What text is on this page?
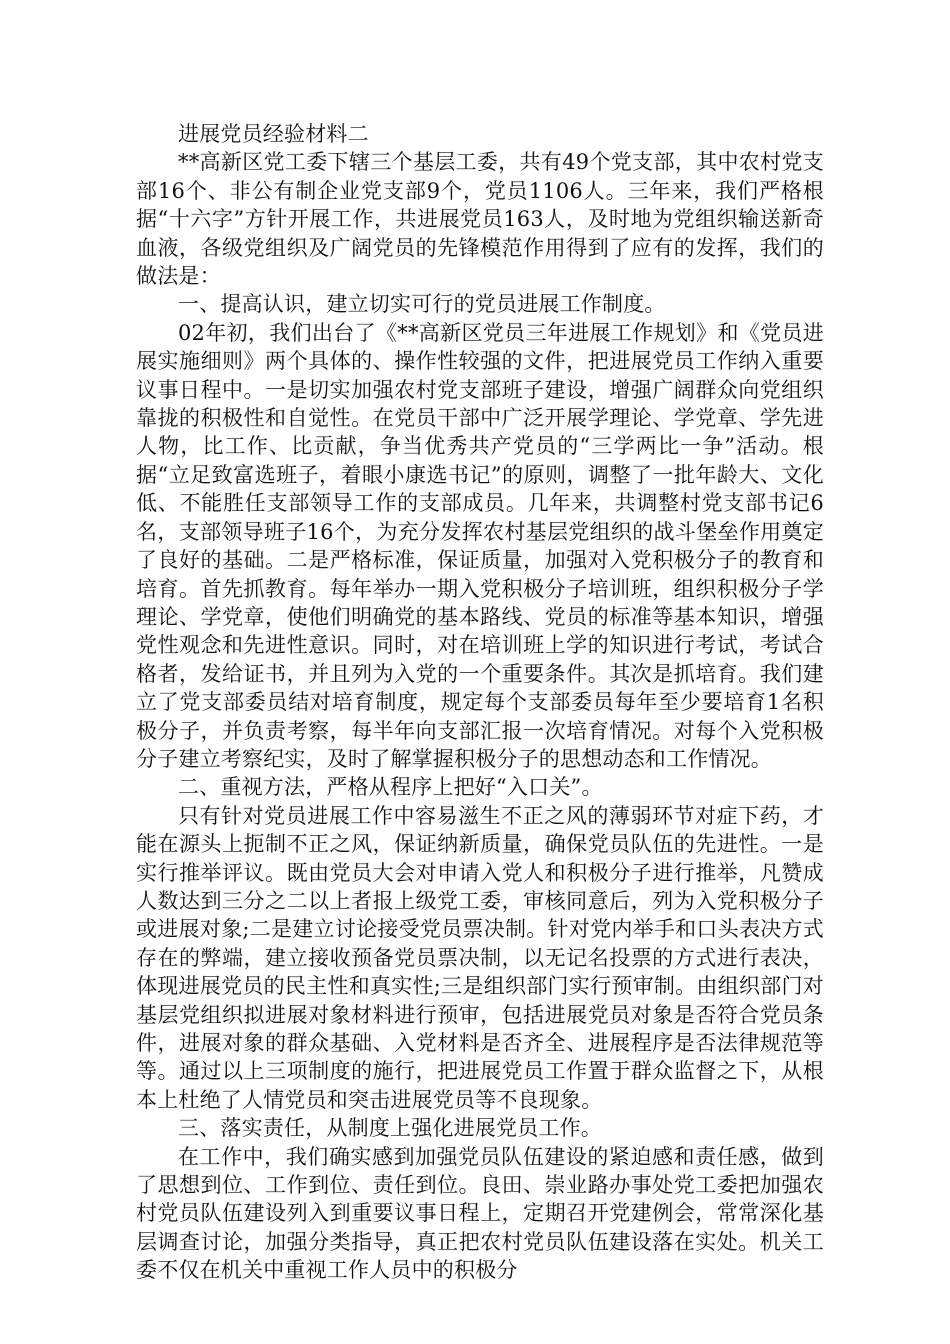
进展党员经验材料二

**高新区党工委下辖三个基层工委，共有49个党支部，其中农村党支部16个、非公有制企业党支部9个，党员1106人。三年来，我们严格根据“十六字”方针开展工作，共进展党员163人，及时地为党组织输送新奇血液，各级党组织及广阔党员的先锋模范作用得到了应有的发挥，我们的做法是：

一、提高认识，建立切实可行的党员进展工作制度。

02年初，我们出台了《**高新区党员三年进展工作规划》和《党员进展实施细则》两个具体的、操作性较强的文件，把进展党员工作纳入重要议事日程中。一是切实加强农村党支部班子建设，增强广阔群众向党组织靠拢的积极性和自觉性。在党员干部中广泛开展学理论、学党章、学先进人物，比工作、比贡献，争当优秀共产党员的“三学两比一争”活动。根据“立足致富选班子，着眼小康选书记”的原则，调整了一批年龄大、文化低、不能胜任支部领导工作的支部成员。几年来，共调整村党支部书记6名，支部领导班子16个，为充分发挥农村基层党组织的战斗堡垒作用奠定了良好的基础。二是严格标准，保证质量，加强对入党积极分子的教育和培育。首先抓教育。每年举办一期入党积极分子培训班，组织积极分子学理论、学党章，使他们明确党的基本路线、党员的标准等基本知识，增强党性观念和先进性意识。同时，对在培训班上学的知识进行考试，考试合格者，发给证书，并且列为入党的一个重要条件。其次是抓培育。我们建立了党支部委员结对培育制度，规定每个支部委员每年至少要培育1名积极分子，并负责考察，每半年向支部汇报一次培育情况。对每个入党积极分子建立考察纪实，及时了解掌握积极分子的思想动态和工作情况。

二、重视方法，严格从程序上把好“入口关”。

只有针对党员进展工作中容易滋生不正之风的薄弱环节对症下药，才能在源头上扼制不正之风，保证纳新质量，确保党员队伍的先进性。一是实行推举评议。既由党员大会对申请入党人和积极分子进行推举，凡赞成人数达到三分之二以上者报上级党工委，审核同意后，列为入党积极分子或进展对象;二是建立讨论接受党员票决制。针对党内举手和口头表决方式存在的弊端，建立接收预备党员票决制，以无记名投票的方式进行表决，体现进展党员的民主性和真实性;三是组织部门实行预审制。由组织部门对基层党组织拟进展对象材料进行预审，包括进展党员对象是否符合党员条件，进展对象的群众基础、入党材料是否齐全、进展程序是否法律规范等等。通过以上三项制度的施行，把进展党员工作置于群众监督之下，从根本上杜绝了人情党员和突击进展党员等不良现象。

三、落实责任，从制度上强化进展党员工作。

在工作中，我们确实感到加强党员队伍建设的紧迫感和责任感，做到了思想到位、工作到位、责任到位。良田、崇业路办事处党工委把加强农村党员队伍建设列入到重要议事日程上，定期召开党建例会，常常深化基层调查讨论，加强分类指导，真正把农村党员队伍建设落在实处。机关工委不仅在机关中重视工作人员中的积极分
